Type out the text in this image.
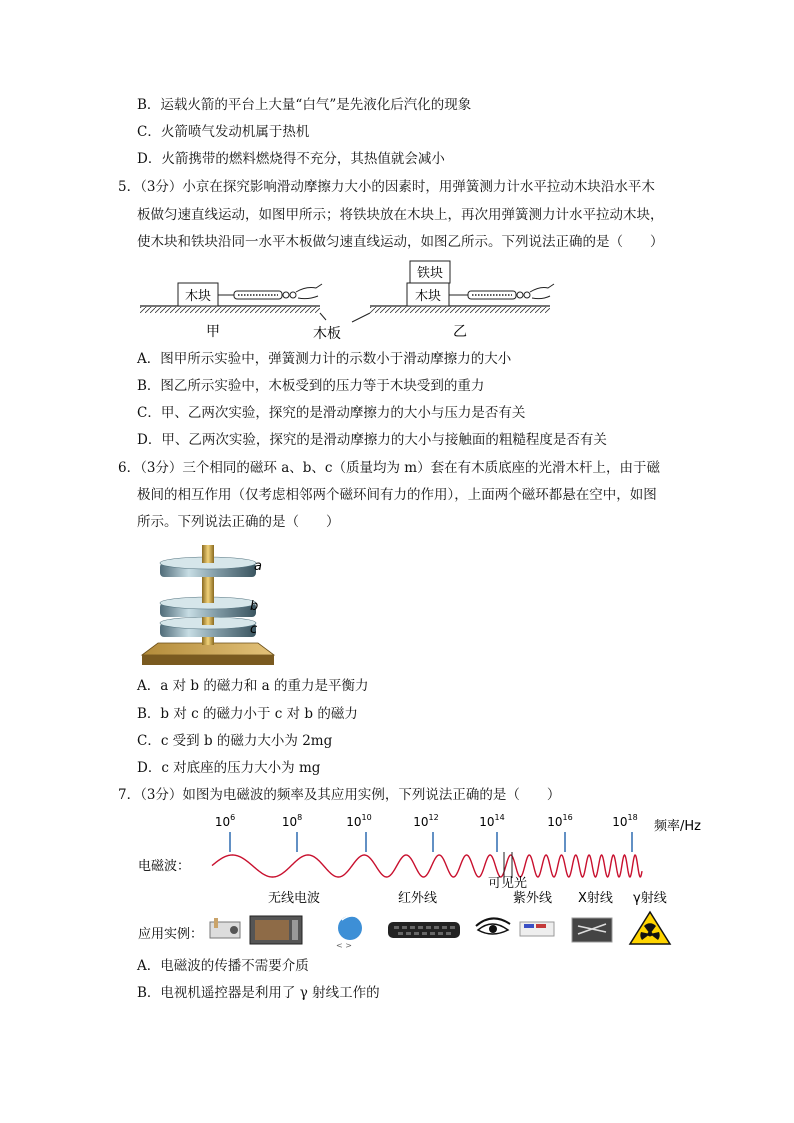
B．运载火箭的平台上大量“白气”是先液化后汽化的现象
C．火箭喷气发动机属于热机
D．火箭携带的燃料燃烧得不充分，其热值就会减小
5．（3分）小京在探究影响滑动摩擦力大小的因素时，用弹簧测力计水平拉动木块沿水平木
板做匀速直线运动，如图甲所示；将铁块放在木块上，再次用弹簧测力计水平拉动木块，
使木块和铁块沿同一水平木板做匀速直线运动，如图乙所示。下列说法正确的是（　　）
木块
铁块
木块
甲	木板	乙
A．图甲所示实验中，弹簧测力计的示数小于滑动摩擦力的大小
B．图乙所示实验中，木板受到的压力等于木块受到的重力
C．甲、乙两次实验，探究的是滑动摩擦力的大小与压力是否有关
D．甲、乙两次实验，探究的是滑动摩擦力的大小与接触面的粗糙程度是否有关
6．（3分）三个相同的磁环 a、b、c（质量均为 m）套在有木质底座的光滑木杆上，由于磁
极间的相互作用（仅考虑相邻两个磁环间有力的作用），上面两个磁环都悬在空中，如图
所示。下列说法正确的是（　　）
a
b
c
A．a 对 b 的磁力和 a 的重力是平衡力
B．b 对 c 的磁力小于 c 对 b 的磁力
C．c 受到 b 的磁力大小为 2mg
D．c 对底座的压力大小为 mg
7．（3分）如图为电磁波的频率及其应用实例，下列说法正确的是（　　）
$10^6$	$10^8$	$10^{10}$	$10^{12}$	$10^{14}$	$10^{16}$	$10^{18}$
频率/Hz
电磁波：
无线电波	红外线
可见光
紫外线 X射线 γ射线
应用实例：
< >
A．电磁波的传播不需要介质
B．电视机遥控器是利用了 γ 射线工作的
